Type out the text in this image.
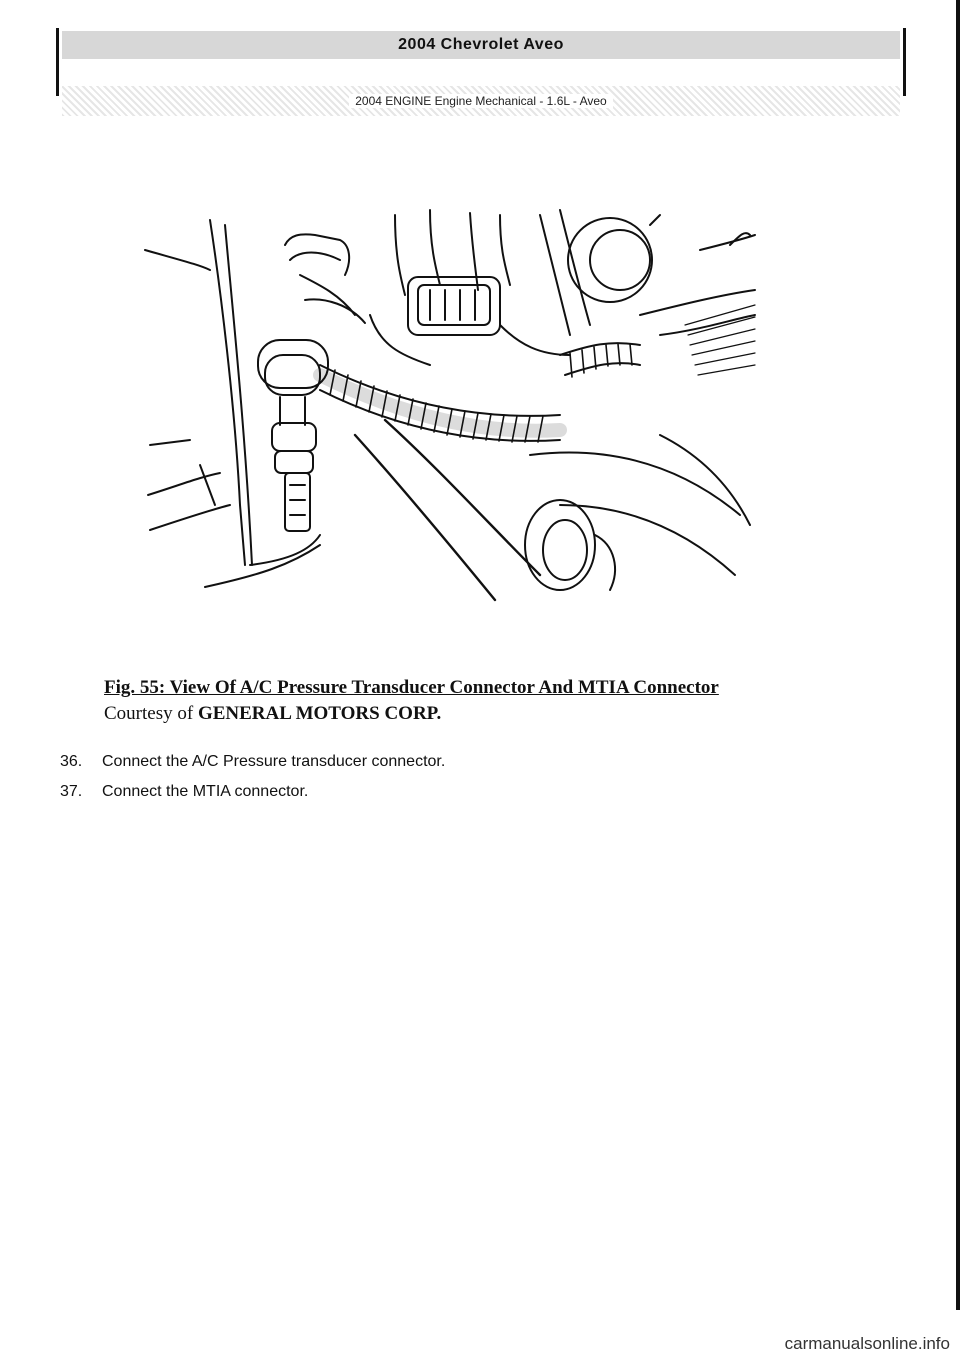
2004 Chevrolet Aveo
2004 ENGINE Engine Mechanical - 1.6L - Aveo
Fig. 55: View Of A/C Pressure Transducer Connector And MTIA Connector
Courtesy of GENERAL MOTORS CORP.
36.	Connect the A/C Pressure transducer connector.
37.	Connect the MTIA connector.
carmanualsonline.info
